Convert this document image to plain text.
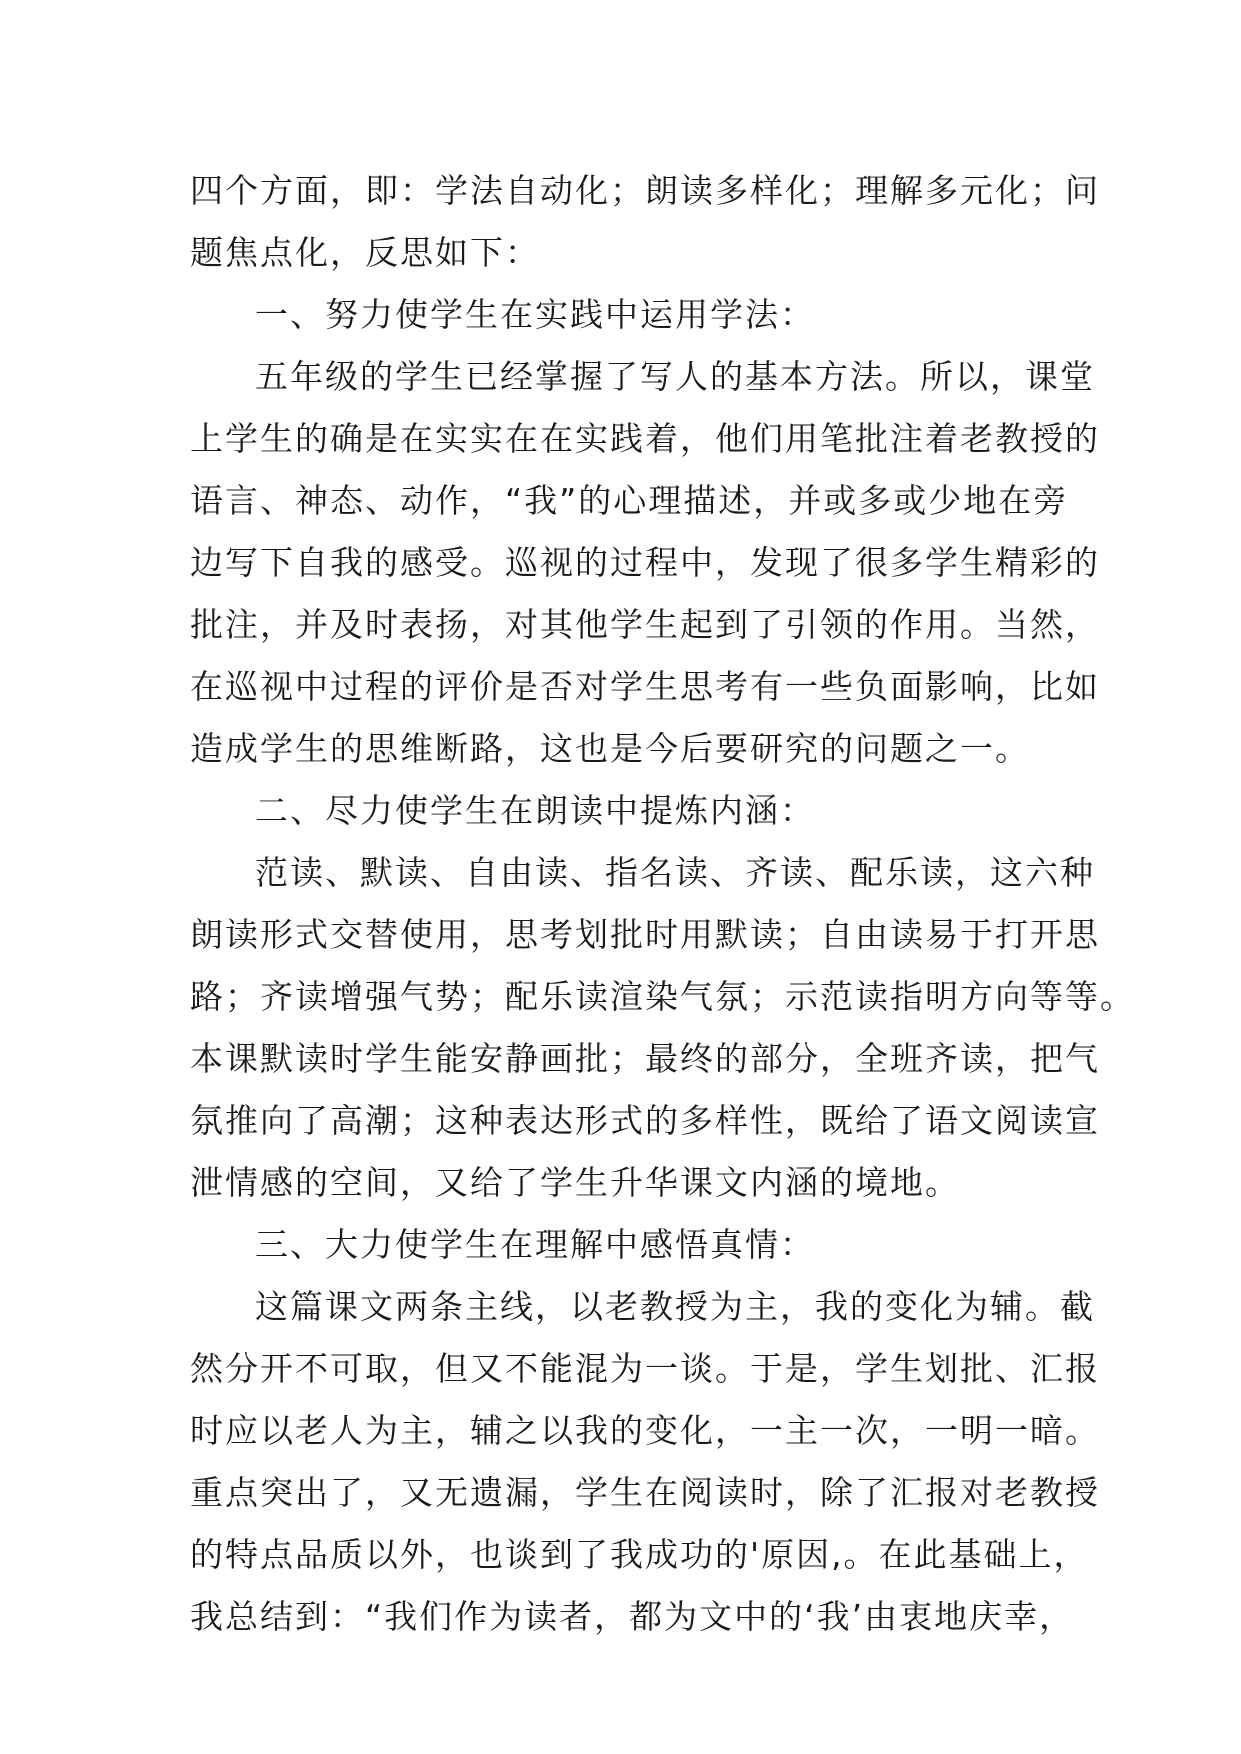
四个方面，即：学法自动化；朗读多样化；理解多元化；问
题焦点化，反思如下：
一、努力使学生在实践中运用学法：
五年级的学生已经掌握了写人的基本方法。所以，课堂
上学生的确是在实实在在实践着，他们用笔批注着老教授的
语言、神态、动作，“我”的心理描述，并或多或少地在旁
边写下自我的感受。巡视的过程中，发现了很多学生精彩的
批注，并及时表扬，对其他学生起到了引领的作用。当然，
在巡视中过程的评价是否对学生思考有一些负面影响，比如
造成学生的思维断路，这也是今后要研究的问题之一。
二、尽力使学生在朗读中提炼内涵：
范读、默读、自由读、指名读、齐读、配乐读，这六种
朗读形式交替使用，思考划批时用默读；自由读易于打开思
路；齐读增强气势；配乐读渲染气氛；示范读指明方向等等。
本课默读时学生能安静画批；最终的部分，全班齐读，把气
氛推向了高潮；这种表达形式的多样性，既给了语文阅读宣
泄情感的空间，又给了学生升华课文内涵的境地。
三、大力使学生在理解中感悟真情：
这篇课文两条主线，以老教授为主，我的变化为辅。截
然分开不可取，但又不能混为一谈。于是，学生划批、汇报
时应以老人为主，辅之以我的变化，一主一次，一明一暗。
重点突出了，又无遗漏，学生在阅读时，除了汇报对老教授
的特点品质以外，也谈到了我成功的'原因,。在此基础上，
我总结到：“我们作为读者，都为文中的‘我’由衷地庆幸，
